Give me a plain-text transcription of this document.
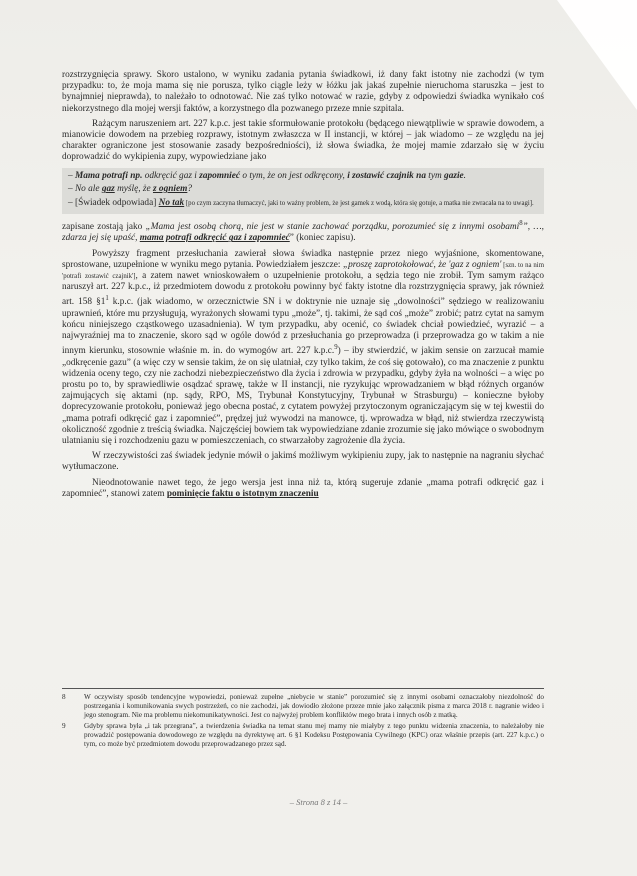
rozstrzygnięcia sprawy. Skoro ustalono, w wyniku zadania pytania świadkowi, iż dany fakt istotny nie zachodzi (w tym przypadku: to, że moja mama się nie porusza, tylko ciągle leży w łóżku jak jakaś zupełnie nieruchoma staruszka – jest to bynajmniej nieprawda), to należało to odnotować. Nie zaś tylko notować w razie, gdyby z odpowiedzi świadka wynikało coś niekorzystnego dla mojej wersji faktów, a korzystnego dla pozwanego przeze mnie szpitala.

Rażącym naruszeniem art. 227 k.p.c. jest takie sformułowanie protokołu (będącego niewątpliwie w sprawie dowodem, a mianowicie dowodem na przebieg rozprawy, istotnym zwłaszcza w II instancji, w której – jak wiadomo – ze względu na jej charakter ograniczone jest stosowanie zasady bezpośredniości), iż słowa świadka, że mojej mamie zdarzało się w życiu doprowadzić do wykipienia zupy, wypowiedziane jako

– Mama potrafi np. odkręcić gaz i zapomnieć o tym, że on jest odkręcony, i zostawić czajnik na tym gazie.
– No ale gaz myślę, że z ogniem?
– [Świadek odpowiada] No tak [po czym zaczyna tłumaczyć, jaki to ważny problem, że jest gamek z wodą, która się gotuje, a matka nie zwracała na to uwagi].

zapisane zostają jako „Mama jest osobą chorą, nie jest w stanie zachować porządku, porozumieć się z innymi osobami$^8$”, …, zdarza jej się upaść, mama potrafi odkręcić gaz i zapomnieć” (koniec zapisu).

Powyższy fragment przesłuchania zawierał słowa świadka następnie przez niego wyjaśnione, skomentowane, sprostowane, uzupełnione w wyniku mego pytania. Powiedziałem jeszcze: „proszę zaprotokołować, że 'gaz z ogniem' [szn. to na nim 'potrafi zostawić czajnik'], a zatem nawet wnioskowałem o uzupełnienie protokołu, a sędzia tego nie zrobił. Tym samym rażąco naruszył art. 227 k.p.c., iż przedmiotem dowodu z protokołu powinny być fakty istotne dla rozstrzygnięcia sprawy, jak również art. 158 $\S 1^1$ k.p.c. (jak wiadomo, w orzecznictwie SN i w doktrynie nie uznaje się „dowolności” sędziego w realizowaniu uprawnień, które mu przysługują, wyrażonych słowami typu „może”, tj. takimi, że sąd coś „może” zrobić; patrz cytat na samym końcu niniejszego cząstkowego uzasadnienia). W tym przypadku, aby ocenić, co świadek chciał powiedzieć, wyrazić – a najwyraźniej ma to znaczenie, skoro sąd w ogóle dowód z przesłuchania go przeprowadza (i przeprowadza go w takim a nie innym kierunku, stosownie właśnie m. in. do wymogów art. 227 k.p.c.$^9$) – iby stwierdzić, w jakim sensie on zarzucał mamie „odkręcenie gazu” (a więc czy w sensie takim, że on się ulatniał, czy tylko takim, że coś się gotowało), co ma znaczenie z punktu widzenia oceny tego, czy nie zachodzi niebezpieczeństwo dla życia i zdrowia w przypadku, gdyby żyła na wolności – a więc po prostu po to, by sprawiedliwie osądzać sprawę, także w II instancji, nie ryzykując wprowadzaniem w błąd różnych organów zajmujących się aktami (np. sądy, RPO, MS, Trybunał Konstytucyjny, Trybunał w Strasburgu) – konieczne byłoby doprecyzowanie protokołu, ponieważ jego obecna postać, z cytatem powyżej przytoczonym ograniczającym się w tej kwestii do „mama potrafi odkręcić gaz i zapomnieć”, prędzej już wywodzi na manowce, tj. wprowadza w błąd, niż stwierdza rzeczywistą okoliczność zgodnie z treścią świadka. Najczęściej bowiem tak wypowiedziane zdanie zrozumie się jako mówiące o swobodnym ulatnianiu się i rozchodzeniu gazu w pomieszczeniach, co stwarzałoby zagrożenie dla życia.

W rzeczywistości zaś świadek jedynie mówił o jakimś możliwym wykipieniu zupy, jak to następnie na nagraniu słychać wytłumaczone.

Nieodnotowanie nawet tego, że jego wersja jest inna niż ta, którą sugeruje zdanie „mama potrafi odkręcić gaz i zapomnieć”, stanowi zatem pominięcie faktu o istotnym znaczeniu

8	W oczywisty sposób tendencyjne wypowiedzi, ponieważ zupełne „niebycie w stanie” porozumieć się z innymi osobami oznaczałoby niezdolność do postrzegania i komunikowania swych postrzeżeń, co nie zachodzi, jak dowiodło złożone przeze mnie jako załącznik pisma z marca 2018 r. nagranie wideo i jego stenogram. Nie ma problemu niekomunikatywności. Jest co najwyżej problem konfliktów mego brata i innych osób z matką.
9	Gdyby sprawa była „i tak przegrana”, a twierdzenia świadka na temat stanu mej mamy nie miałyby z tego punktu widzenia znaczenia, to należałoby nie prowadzić postępowania dowodowego ze względu na dyrektywę art. 6 §1 Kodeksu Postępowania Cywilnego (KPC) oraz właśnie przepis (art. 227 k.p.c.) o tym, co może być przedmiotem dowodu przeprowadzanego przez sąd.
– Strona 8 z 14 –
